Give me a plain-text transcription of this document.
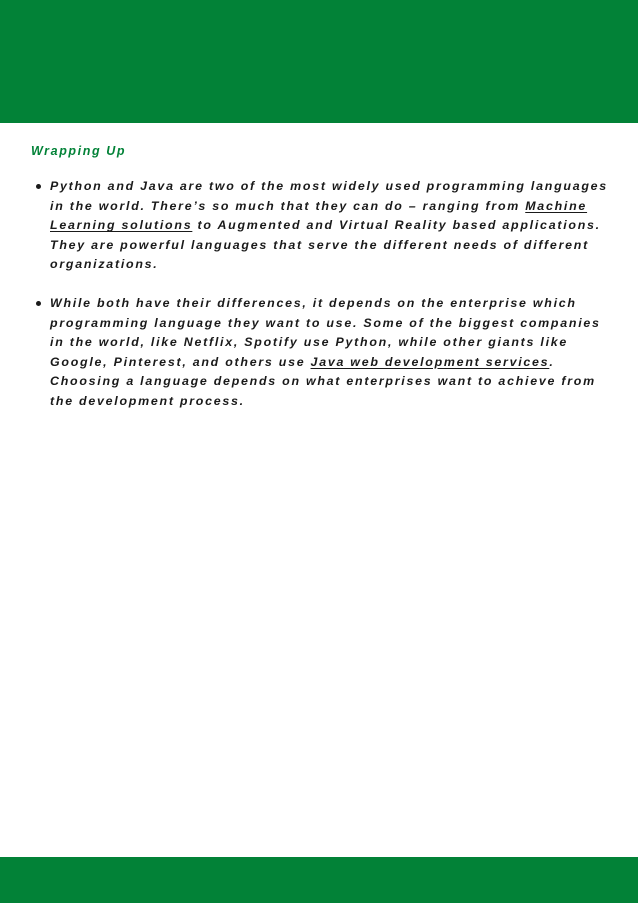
Wrapping Up
Python and Java are two of the most widely used programming languages in the world. There’s so much that they can do – ranging from Machine Learning solutions to Augmented and Virtual Reality based applications. They are powerful languages that serve the different needs of different organizations.
While both have their differences, it depends on the enterprise which programming language they want to use. Some of the biggest companies in the world, like Netflix, Spotify use Python, while other giants like Google, Pinterest, and others use Java web development services. Choosing a language depends on what enterprises want to achieve from the development process.
